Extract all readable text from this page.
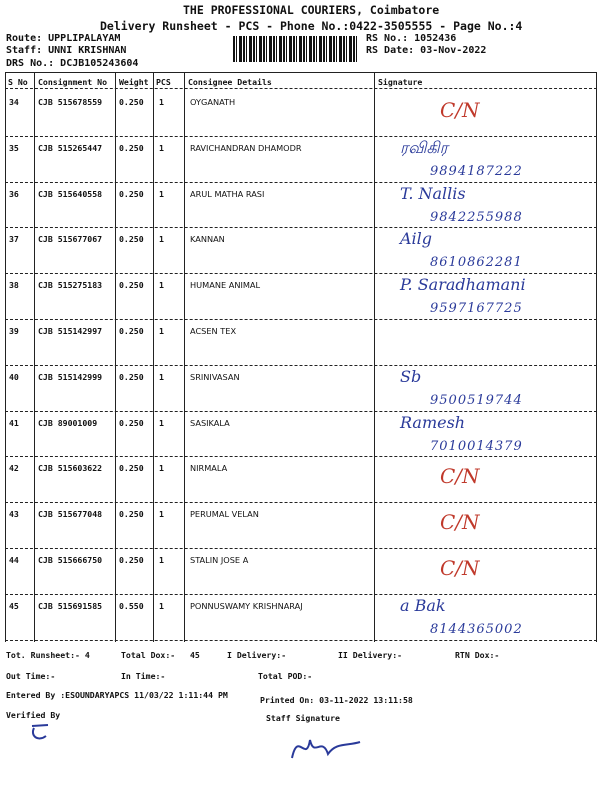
THE PROFESSIONAL COURIERS, Coimbatore
Delivery Runsheet - PCS - Phone No.:0422-3505555 - Page No.:4
Route: UPPLIPALAYAM
Staff: UNNI KRISHNAN
DRS No.: DCJB105243604
RS No.: 1052436
RS Date: 03-Nov-2022
S No Consignment No Weight PCS Consignee Details	Signature
34 CJB 515678559 0.250 1	OYGANATH	C/N
35 CJB 515265447 0.250 1	RAVICHANDRAN DHAMODR	ரவிகிர
9894187222
36 CJB 515640558 0.250 1	ARUL MATHA RASI	T. Nallis
9842255988
37 CJB 515677067 0.250 1	KANNAN	Ailg
8610862281
38 CJB 515275183 0.250 1	HUMANE ANIMAL	P. Saradhamani
9597167725
39 CJB 515142997 0.250 1	ACSEN TEX
40 CJB 515142999 0.250 1	SRINIVASAN	Sb
9500519744
41 CJB 89001009	0.250 1	SASIKALA	Ramesh
7010014379
42 CJB 515603622 0.250 1	NIRMALA	C/N
43 CJB 515677048 0.250 1	PERUMAL VELAN	C/N
44 CJB 515666750 0.250 1	STALIN JOSE A	C/N
45 CJB 515691585 0.550 1	PONNUSWAMY KRISHNARAJ	a Bak
8144365002
Tot. Runsheet:- 4	Total Dox:- 45	I Delivery:-	II Delivery:-	RTN Dox:-
Out Time:-	In Time:-	Total POD:-
Entered By :ESOUNDARYAPCS 11/03/22 1:11:44 PM	Printed On: 03-11-2022 13:11:58
Verified By	Staff Signature
